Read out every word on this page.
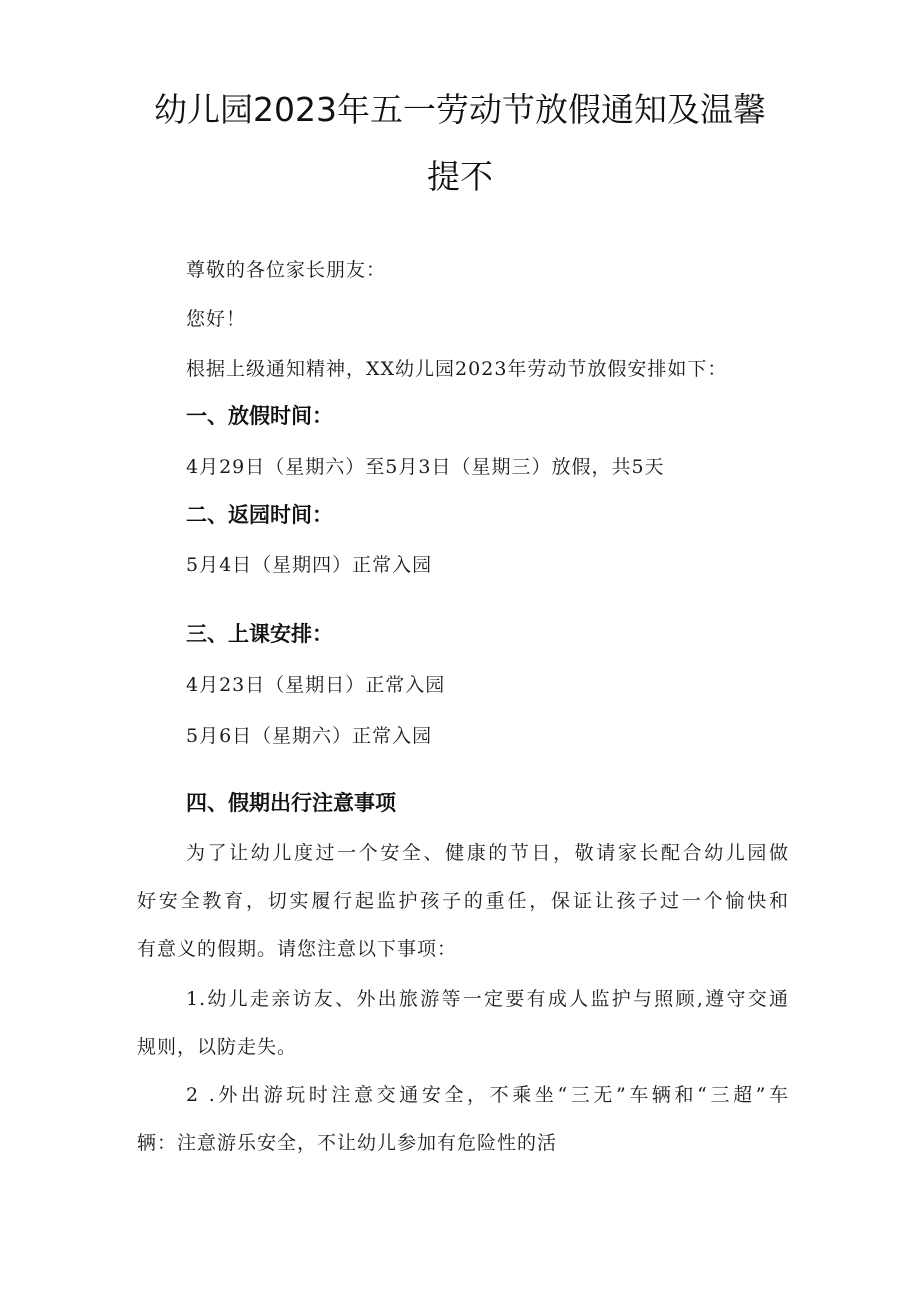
幼儿园2023年五一劳动节放假通知及温馨
提不

尊敬的各位家长朋友：

您好！

根据上级通知精神，XX幼儿园2023年劳动节放假安排如下：

一、放假时间：

4月29日（星期六）至5月3日（星期三）放假，共5天

二、返园时间：

5月4日（星期四）正常入园

三、上课安排：

4月23日（星期日）正常入园

5月6日（星期六）正常入园

四、假期出行注意事项

为了让幼儿度过一个安全、健康的节日，敬请家长配合幼儿园做

好安全教育，切实履行起监护孩子的重任，保证让孩子过一个愉快和

有意义的假期。请您注意以下事项：

1.幼儿走亲访友、外出旅游等一定要有成人监护与照顾,遵守交通

规则，以防走失。

2 .外出游玩时注意交通安全，不乘坐“三无”车辆和“三超”车

辆：注意游乐安全，不让幼儿参加有危险性的活
